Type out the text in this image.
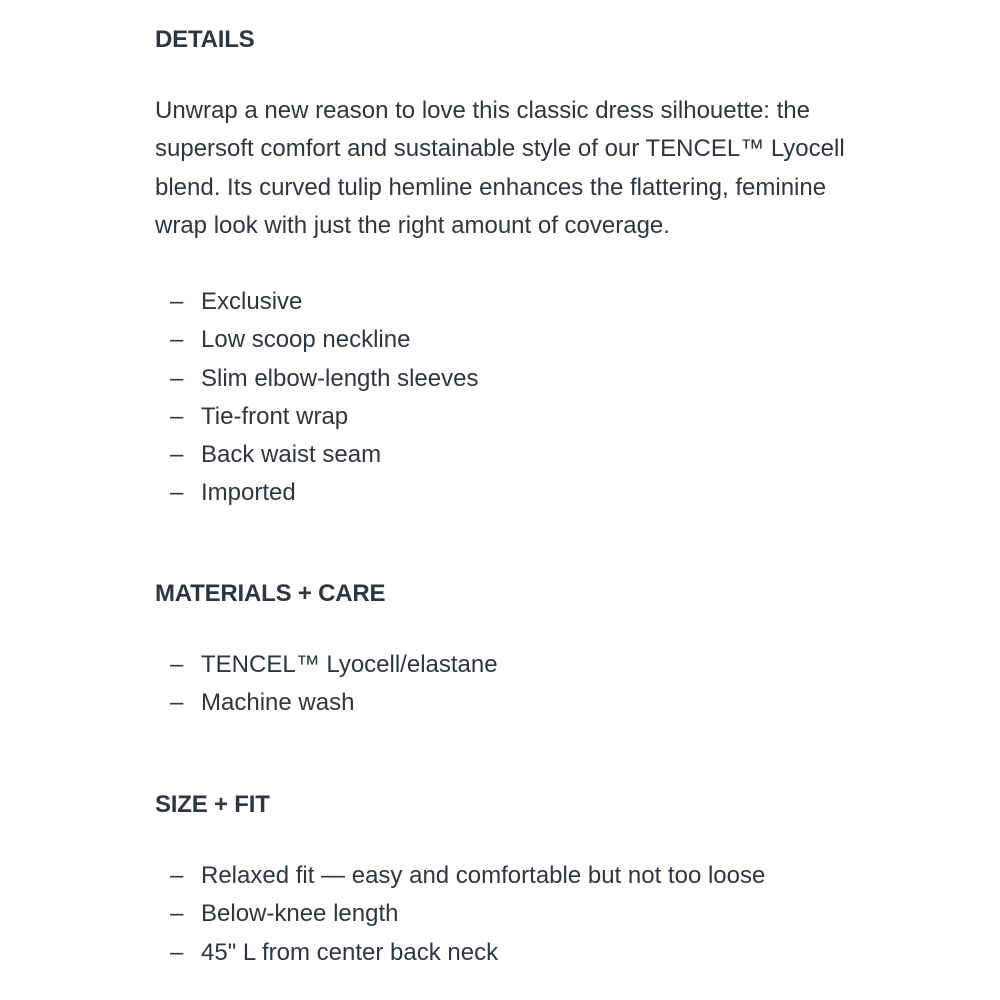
DETAILS

Unwrap a new reason to love this classic dress silhouette: the supersoft comfort and sustainable style of our TENCEL™ Lyocell blend. Its curved tulip hemline enhances the flattering, feminine wrap look with just the right amount of coverage.

– Exclusive
– Low scoop neckline
– Slim elbow-length sleeves
– Tie-front wrap
– Back waist seam
– Imported
MATERIALS + CARE
– TENCEL™ Lyocell/elastane
– Machine wash
SIZE + FIT
– Relaxed fit — easy and comfortable but not too loose
– Below-knee length
– 45" L from center back neck
